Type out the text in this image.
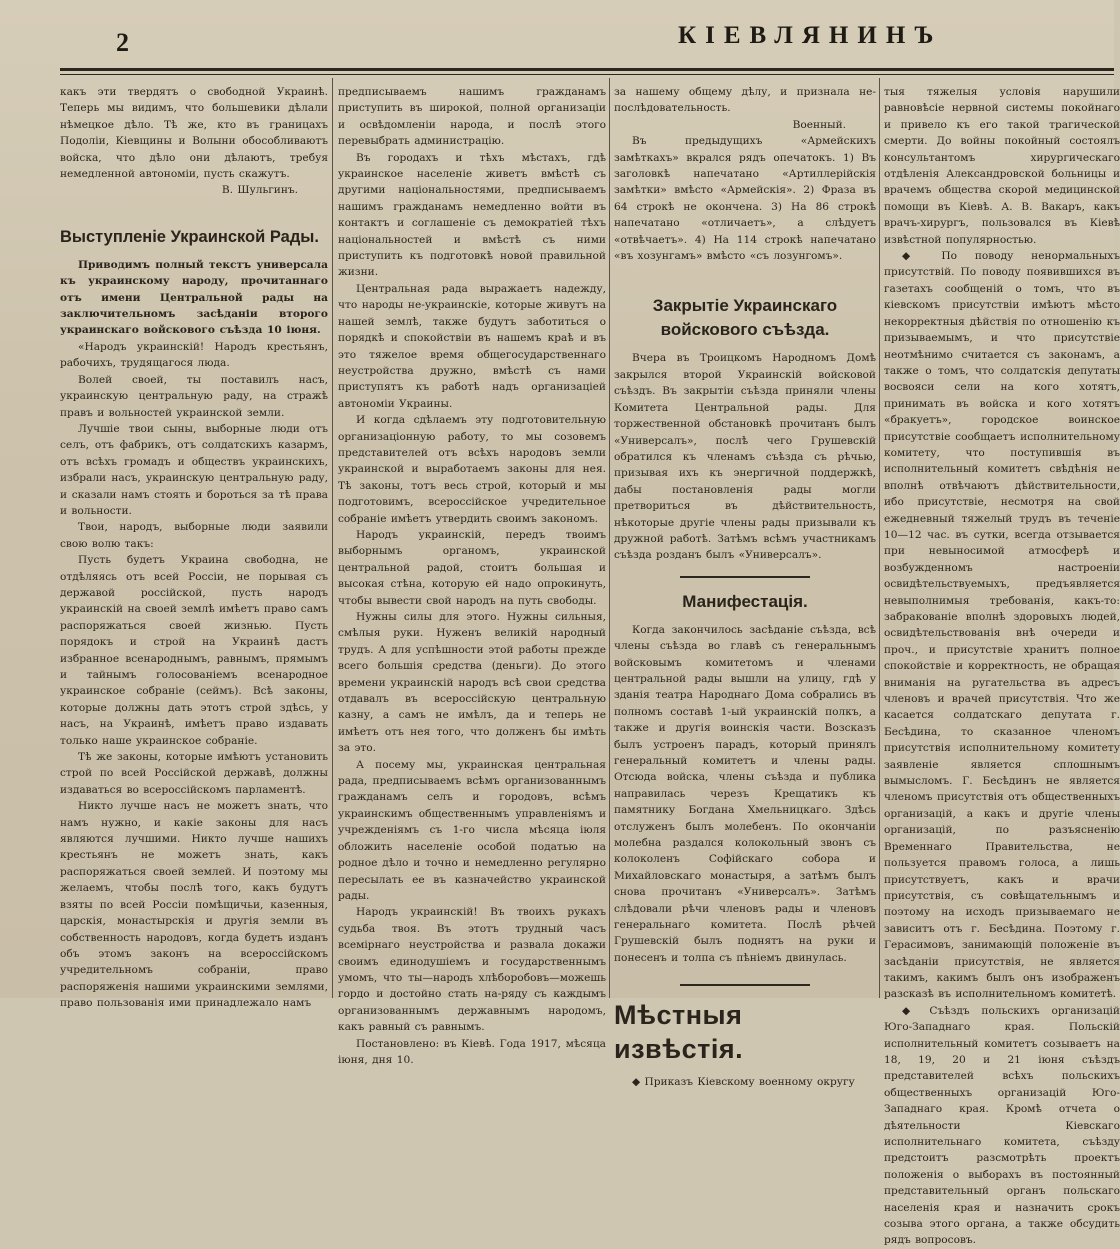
2	КІЕВЛЯНИНЪ

какъ эти твердятъ о свободной Украинѣ. Теперь мы видимъ, что большевики дѣлали нѣмецкое дѣло. Тѣ же, кто въ границахъ Подоліи, Кіевщины и Волыни обособливаютъ войска, что дѣло они дѣлаютъ, требуя немедленной автономіи, пусть скажутъ.

В. Шульгинъ.

Выступленіе Украинской Рады.

Приводимъ полный текстъ универсала къ украинскому народу, прочитаннаго отъ имени Центральной рады на заключительномъ засѣданіи второго украинскаго войскового съѣзда 10 іюня.

«Народъ украинскій! Народъ крестьянъ, рабочихъ, трудящагося люда.

Волей своей, ты поставилъ насъ, украинскую центральную раду, на стражѣ правъ и вольностей украинской земли.

Лучшіе твои сыны, выборные люди отъ селъ, отъ фабрикъ, отъ солдатскихъ казармъ, отъ всѣхъ громадъ и обществъ украинскихъ, избрали насъ, украинскую центральную раду, и сказали намъ стоять и бороться за тѣ права и вольности.

Твои, народъ, выборные люди заявили свою волю такъ:

Пусть будетъ Украина свободна, не отдѣляясь отъ всей Россіи, не порывая съ державой россійской, пусть народъ украинскій на своей землѣ имѣетъ право самъ распоряжаться своей жизнью. Пусть порядокъ и строй на Украинѣ дастъ избранное всенароднымъ, равнымъ, прямымъ и тайнымъ голосованіемъ всенародное украинское собраніе (сеймъ). Всѣ законы, которые должны дать этотъ строй здѣсь, у насъ, на Украинѣ, имѣетъ право издавать только наше украинское собраніе.

Тѣ же законы, которые имѣютъ установить строй по всей Россійской державѣ, должны издаваться во всероссійскомъ парламентѣ.

Никто лучше насъ не можетъ знать, что намъ нужно, и какіе законы для насъ являются лучшими. Никто лучше нашихъ крестьянъ не можетъ знать, какъ распоряжаться своей землей. И поэтому мы желаемъ, чтобы послѣ того, какъ будутъ взяты по всей Россіи помѣщичьи, казенныя, царскія, монастырскія и другія земли въ собственность народовъ, когда будетъ изданъ объ этомъ законъ на всероссійскомъ учредительномъ собраніи, право распоряженія нашими украинскими землями, право пользованія ими принадлежало намъ

предписываемъ нашимъ гражданамъ приступить въ широкой, полной организаціи и освѣдомленіи народа, и послѣ этого перевыбрать администрацію.

Въ городахъ и тѣхъ мѣстахъ, гдѣ украинское населеніе живетъ вмѣстѣ съ другими національностями, предписываемъ нашимъ гражданамъ немедленно войти въ контактъ и соглашеніе съ демократіей тѣхъ національностей и вмѣстѣ съ ними приступить къ подготовкѣ новой правильной жизни.

Центральная рада выражаетъ надежду, что народы не-украинскіе, которые живутъ на нашей землѣ, также будутъ заботиться о порядкѣ и спокойствіи въ нашемъ краѣ и въ это тяжелое время общегосударственнаго неустройства дружно, вмѣстѣ съ нами приступятъ къ работѣ надъ организаціей автономіи Украины.

И когда сдѣлаемъ эту подготовительную организаціонную работу, то мы созовемъ представителей отъ всѣхъ народовъ земли украинской и выработаемъ законы для нея. Тѣ законы, тотъ весь строй, который и мы подготовимъ, всероссійское учредительное собраніе имѣетъ утвердить своимъ закономъ.

Народъ украинскій, передъ твоимъ выборнымъ органомъ, украинской центральной радой, стоитъ большая и высокая стѣна, которую ей надо опрокинуть, чтобы вывести свой народъ на путь свободы.

Нужны силы для этого. Нужны сильныя, смѣлыя руки. Нуженъ великій народный трудъ. А для успѣшности этой работы прежде всего большія средства (деньги). До этого времени украинскій народъ всѣ свои средства отдавалъ въ всероссійскую центральную казну, а самъ не имѣлъ, да и теперь не имѣетъ отъ нея того, что долженъ бы имѣть за это.

А посему мы, украинская центральная рада, предписываемъ всѣмъ организованнымъ гражданамъ селъ и городовъ, всѣмъ украинскимъ общественнымъ управленіямъ и учрежденіямъ съ 1-го числа мѣсяца іюля обложить населеніе особой податью на родное дѣло и точно и немедленно регулярно пересылать ее въ казначейство украинской рады.

Народъ украинскій! Въ твоихъ рукахъ судьба твоя. Въ этотъ трудный часъ всемірнаго неустройства и развала докажи своимъ единодушіемъ и государственнымъ умомъ, что ты—народъ хлѣборобовъ—можешь гордо и достойно стать на-ряду съ каждымъ организованнымъ державнымъ народомъ, какъ равный съ равнымъ.

Постановлено: въ Кіевѣ. Года 1917, мѣсяца іюня, дня 10.

за нашему общему дѣлу, и признала не-послѣдовательность.

Военный.

Въ предыдущихъ «Армейскихъ замѣткахъ» вкрался рядъ опечатокъ. 1) Въ заголовкѣ напечатано «Артиллерійскія замѣтки» вмѣсто «Армейскія». 2) Фраза въ 64 строкѣ не окончена. 3) На 86 строкѣ напечатано «отличаетъ», а слѣдуетъ «отвѣчаетъ». 4) На 114 строкѣ напечатано «въ хозунгамъ» вмѣсто «съ лозунгомъ».

Закрытіе Украинскаго войскового съѣзда.

Вчера въ Троицкомъ Народномъ Домѣ закрылся второй Украинскій войсковой съѣздъ. Въ закрытіи съѣзда приняли члены Комитета Центральной рады. Для торжественной обстановкѣ прочитанъ былъ «Универсалъ», послѣ чего Грушевскій обратился къ членамъ съѣзда съ рѣчью, призывая ихъ къ энергичной поддержкѣ, дабы постановленія рады могли претвориться въ дѣйствительность, нѣкоторые другіе члены рады призывали къ дружной работѣ. Затѣмъ всѣмъ участникамъ съѣзда розданъ былъ «Универсалъ».

Манифестація.

Когда закончилось засѣданіе съѣзда, всѣ члены съѣзда во главѣ съ генеральнымъ войсковымъ комитетомъ и членами центральной рады вышли на улицу, гдѣ у зданія театра Народнаго Дома собрались въ полномъ составѣ 1-ый украинскій полкъ, а также и другія воинскія части. Возсказъ былъ устроенъ парадъ, который принялъ генеральный комитетъ и члены рады. Отсюда войска, члены съѣзда и публика направилась черезъ Крещатикъ къ памятнику Богдана Хмельницкаго. Здѣсь отслуженъ былъ молебенъ. По окончаніи молебна раздался колокольный звонъ съ колоколенъ Софійскаго собора и Михайловскаго монастыря, а затѣмъ былъ снова прочитанъ «Универсалъ». Затѣмъ слѣдовали рѣчи членовъ рады и членовъ генеральнаго комитета. Послѣ рѣчей Грушевскій былъ поднятъ на руки и понесенъ и толпа съ пѣніемъ двинулась.

Мѣстныя извѣстія.

◆ Приказъ Кіевскому военному округу

тыя тяжелыя условія нарушили равновѣсіе нервной системы покойнаго и привело къ его такой трагической смерти. До войны покойный состоялъ консультантомъ хирургическаго отдѣленія Александровской больницы и врачемъ общества скорой медицинской помощи въ Кіевѣ. А. В. Вакаръ, какъ врачъ-хирургъ, пользовался въ Кіевѣ извѣстной популярностью.

◆ По поводу ненормальныхъ присутствій. По поводу появившихся въ газетахъ сообщеній о томъ, что въ кіевскомъ присутствіи имѣютъ мѣсто некорректныя дѣйствія по отношенію къ призываемымъ, и что присутствіе неотмѣнимо считается съ законамъ, а также о томъ, что солдатскія депутаты восвояси сели на кого хотятъ, принимать въ войска и кого хотятъ «бракуетъ», городское воинское присутствіе сообщаетъ исполнительному комитету, что поступившія въ исполнительный комитетъ свѣдѣнія не вполнѣ отвѣчаютъ дѣйствительности, ибо присутствіе, несмотря на свой ежедневный тяжелый трудъ въ теченіе 10—12 час. въ сутки, всегда отзывается при невыносимой атмосферѣ и возбужденномъ настроеніи освидѣтельствуемыхъ, предъявляется невыполнимыя требованія, какъ-то: забракованіе вполнѣ здоровыхъ людей, освидѣтельствованія внѣ очереди и проч., и присутствіе хранитъ полное спокойствіе и корректность, не обращая вниманія на ругательства въ адресъ членовъ и врачей присутствія. Что же касается солдатскаго депутата г. Бесѣдина, то сказанное членомъ присутствія исполнительному комитету заявленіе является сплошнымъ вымысломъ. Г. Бесѣдинъ не является членомъ присутствія отъ общественныхъ организацій, а какъ и другіе члены организацій, по разъясненію Временнаго Правительства, не пользуется правомъ голоса, а лишь присутствуетъ, какъ и врачи присутствія, съ совѣщательнымъ и поэтому на исходъ призываемаго не зависитъ отъ г. Бесѣдина. Поэтому г. Герасимовъ, занимающій положеніе въ засѣданіи присутствія, не является такимъ, какимъ былъ онъ изображенъ разсказѣ въ исполнительномъ комитетѣ.

◆ Съѣздъ польскихъ организацій Юго-Западнаго края. Польскій исполнительный комитетъ созываетъ на 18, 19, 20 и 21 іюня съѣздъ представителей всѣхъ польскихъ общественныхъ организацій Юго-Западнаго края. Кромѣ отчета о дѣятельности Кіевскаго исполнительнаго комитета, съѣзду предстоитъ разсмотрѣть проектъ положенія о выборахъ въ постоянный представительный органъ польскаго населенія края и назначить срокъ созыва этого органа, а также обсудить рядъ вопросовъ.
